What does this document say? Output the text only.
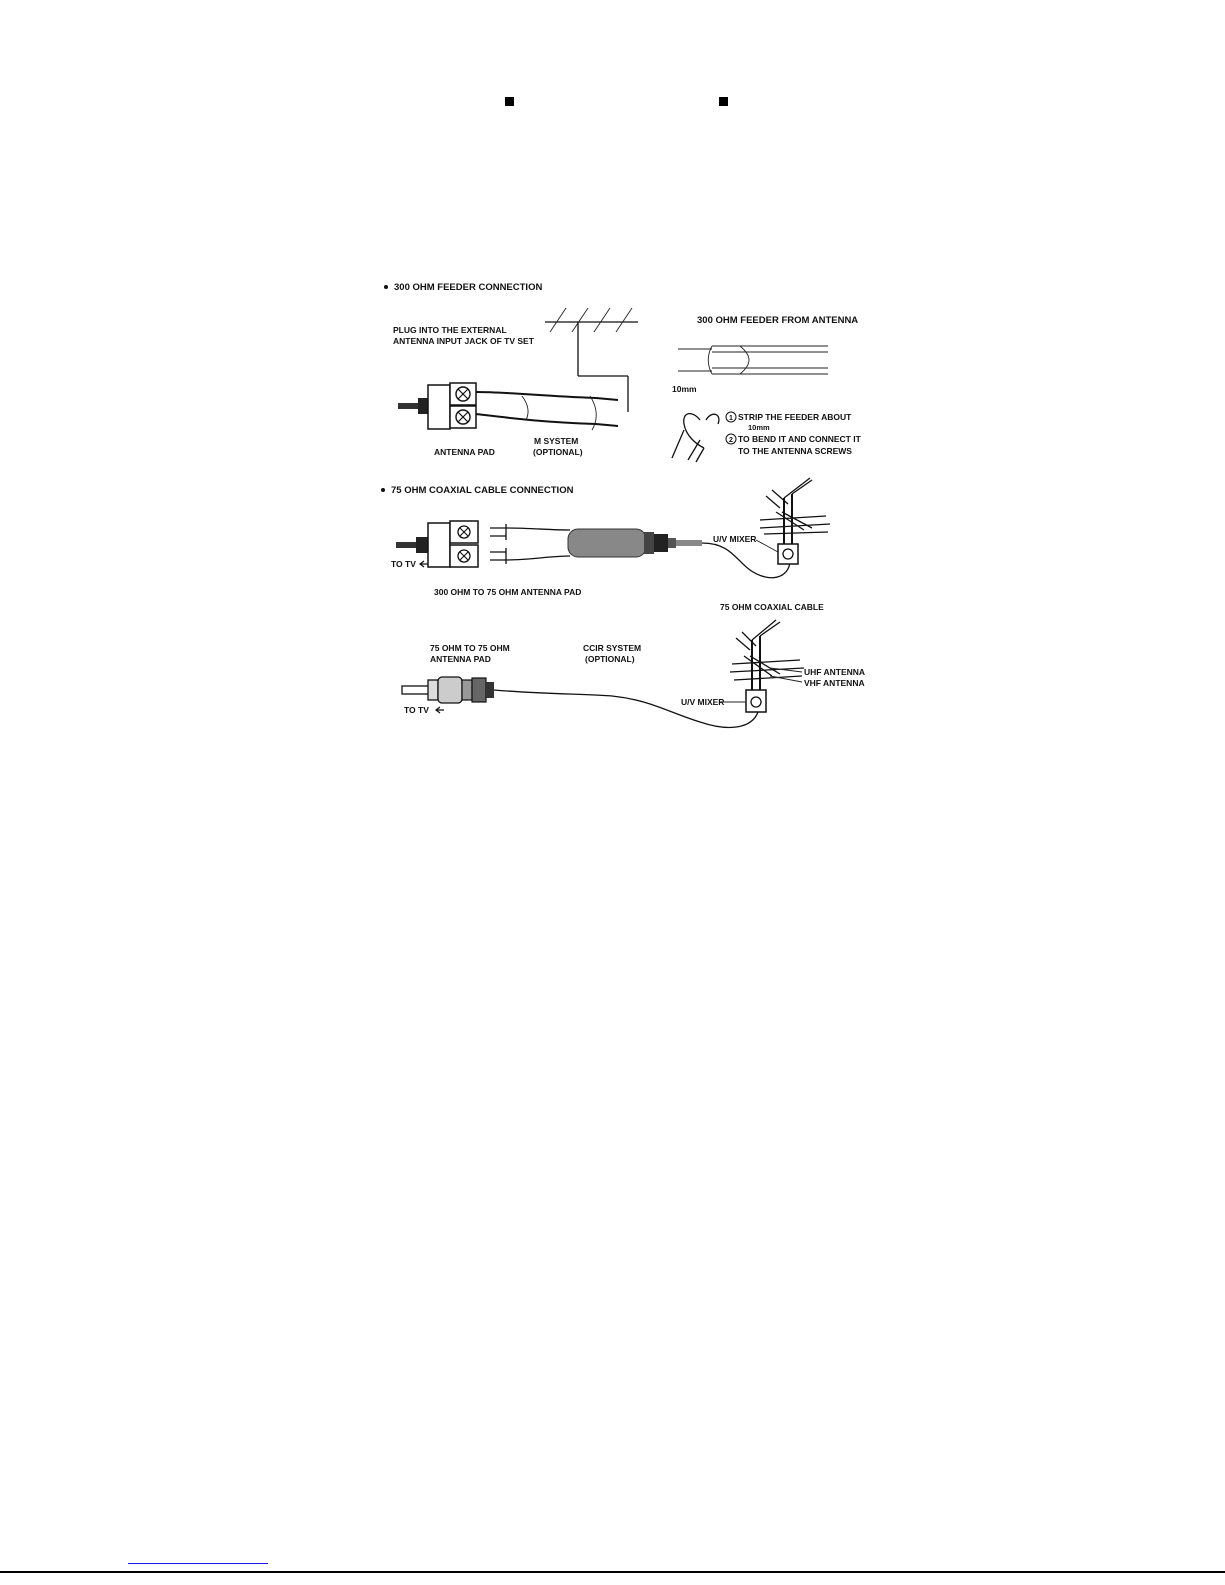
300 OHM FEEDER CONNECTION
PLUG INTO THE EXTERNAL
ANTENNA INPUT JACK OF TV SET
ANTENNA PAD
M SYSTEM
(OPTIONAL)
300 OHM FEEDER FROM ANTENNA
10mm
1 STRIP THE FEEDER ABOUT
10mm
2 TO BEND IT AND CONNECT IT
TO THE ANTENNA SCREWS
75 OHM COAXIAL CABLE CONNECTION
TO TV
300 OHM TO 75 OHM ANTENNA PAD
U/V MIXER
75 OHM COAXIAL CABLE
75 OHM TO 75 OHM
ANTENNA PAD
CCIR SYSTEM
(OPTIONAL)
TO TV
UHF ANTENNA
VHF ANTENNA
U/V MIXER
